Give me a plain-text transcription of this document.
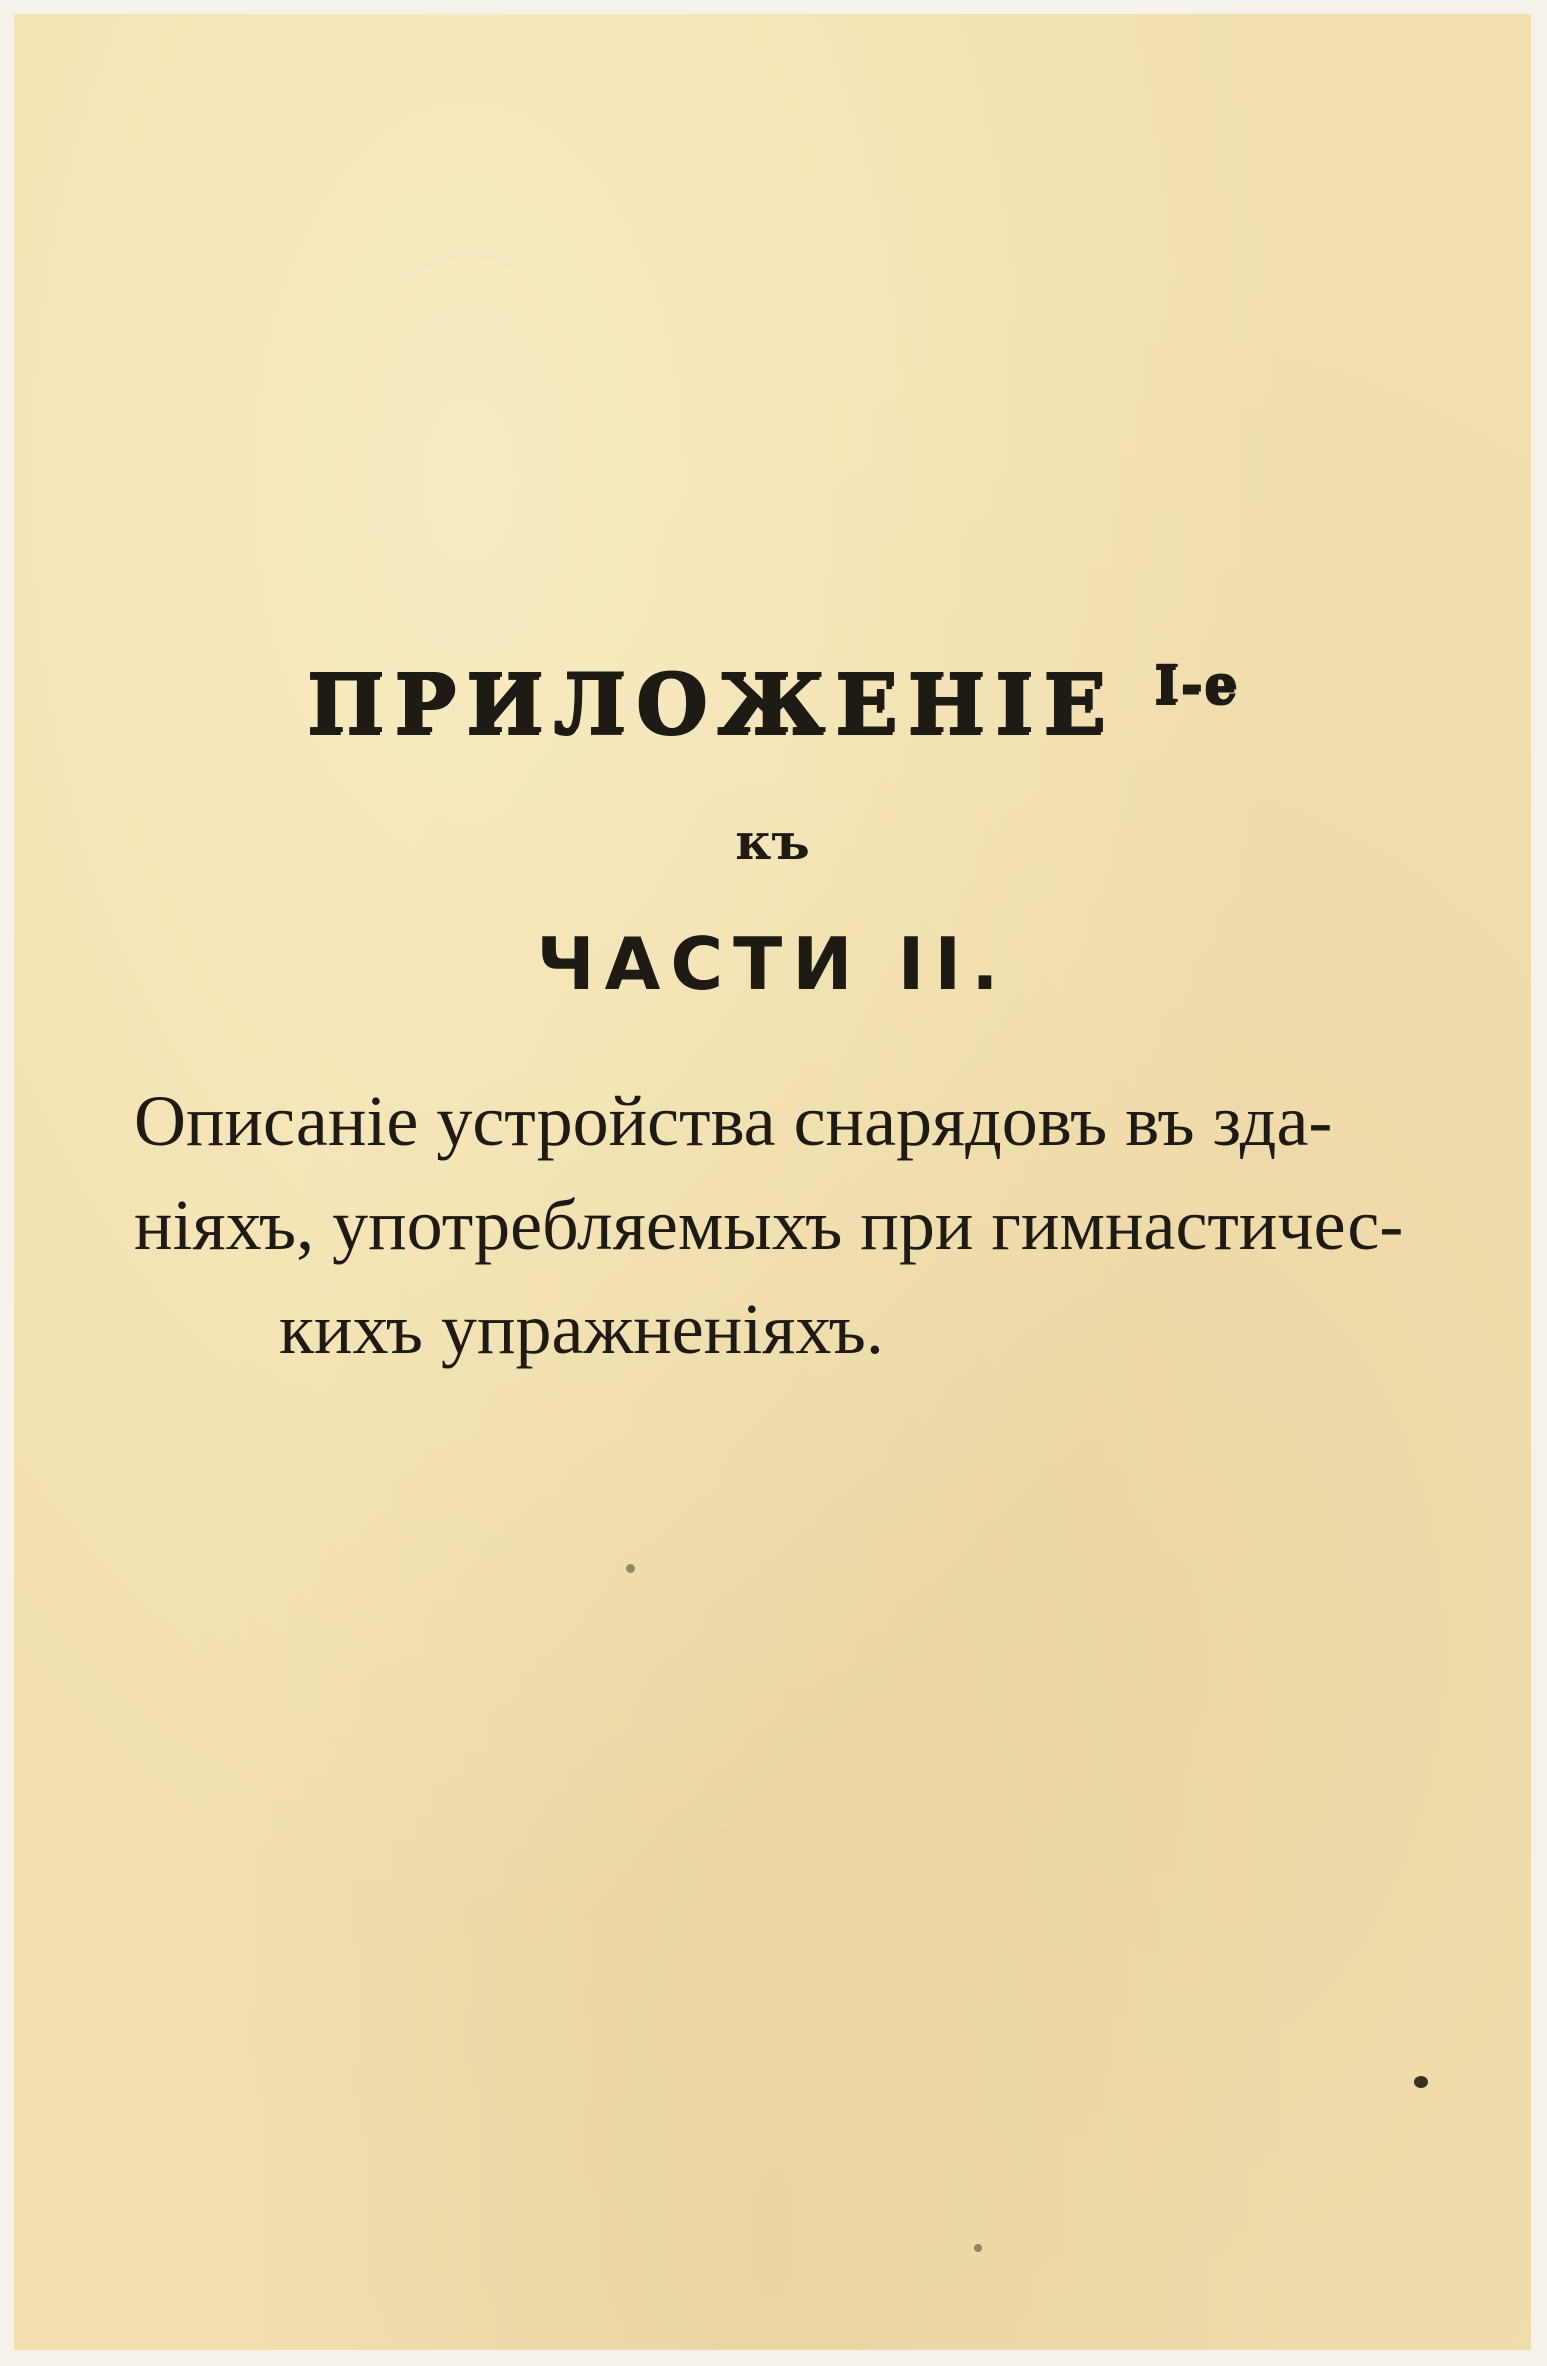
ПРИЛОЖЕНІЕ $^{I-е}$
къ
ЧАСТИ II.
Описаніе устройства снарядовъ въ зда-
ніяхъ, употребляемыхъ при гимнастичес-
кихъ упражненіяхъ.
